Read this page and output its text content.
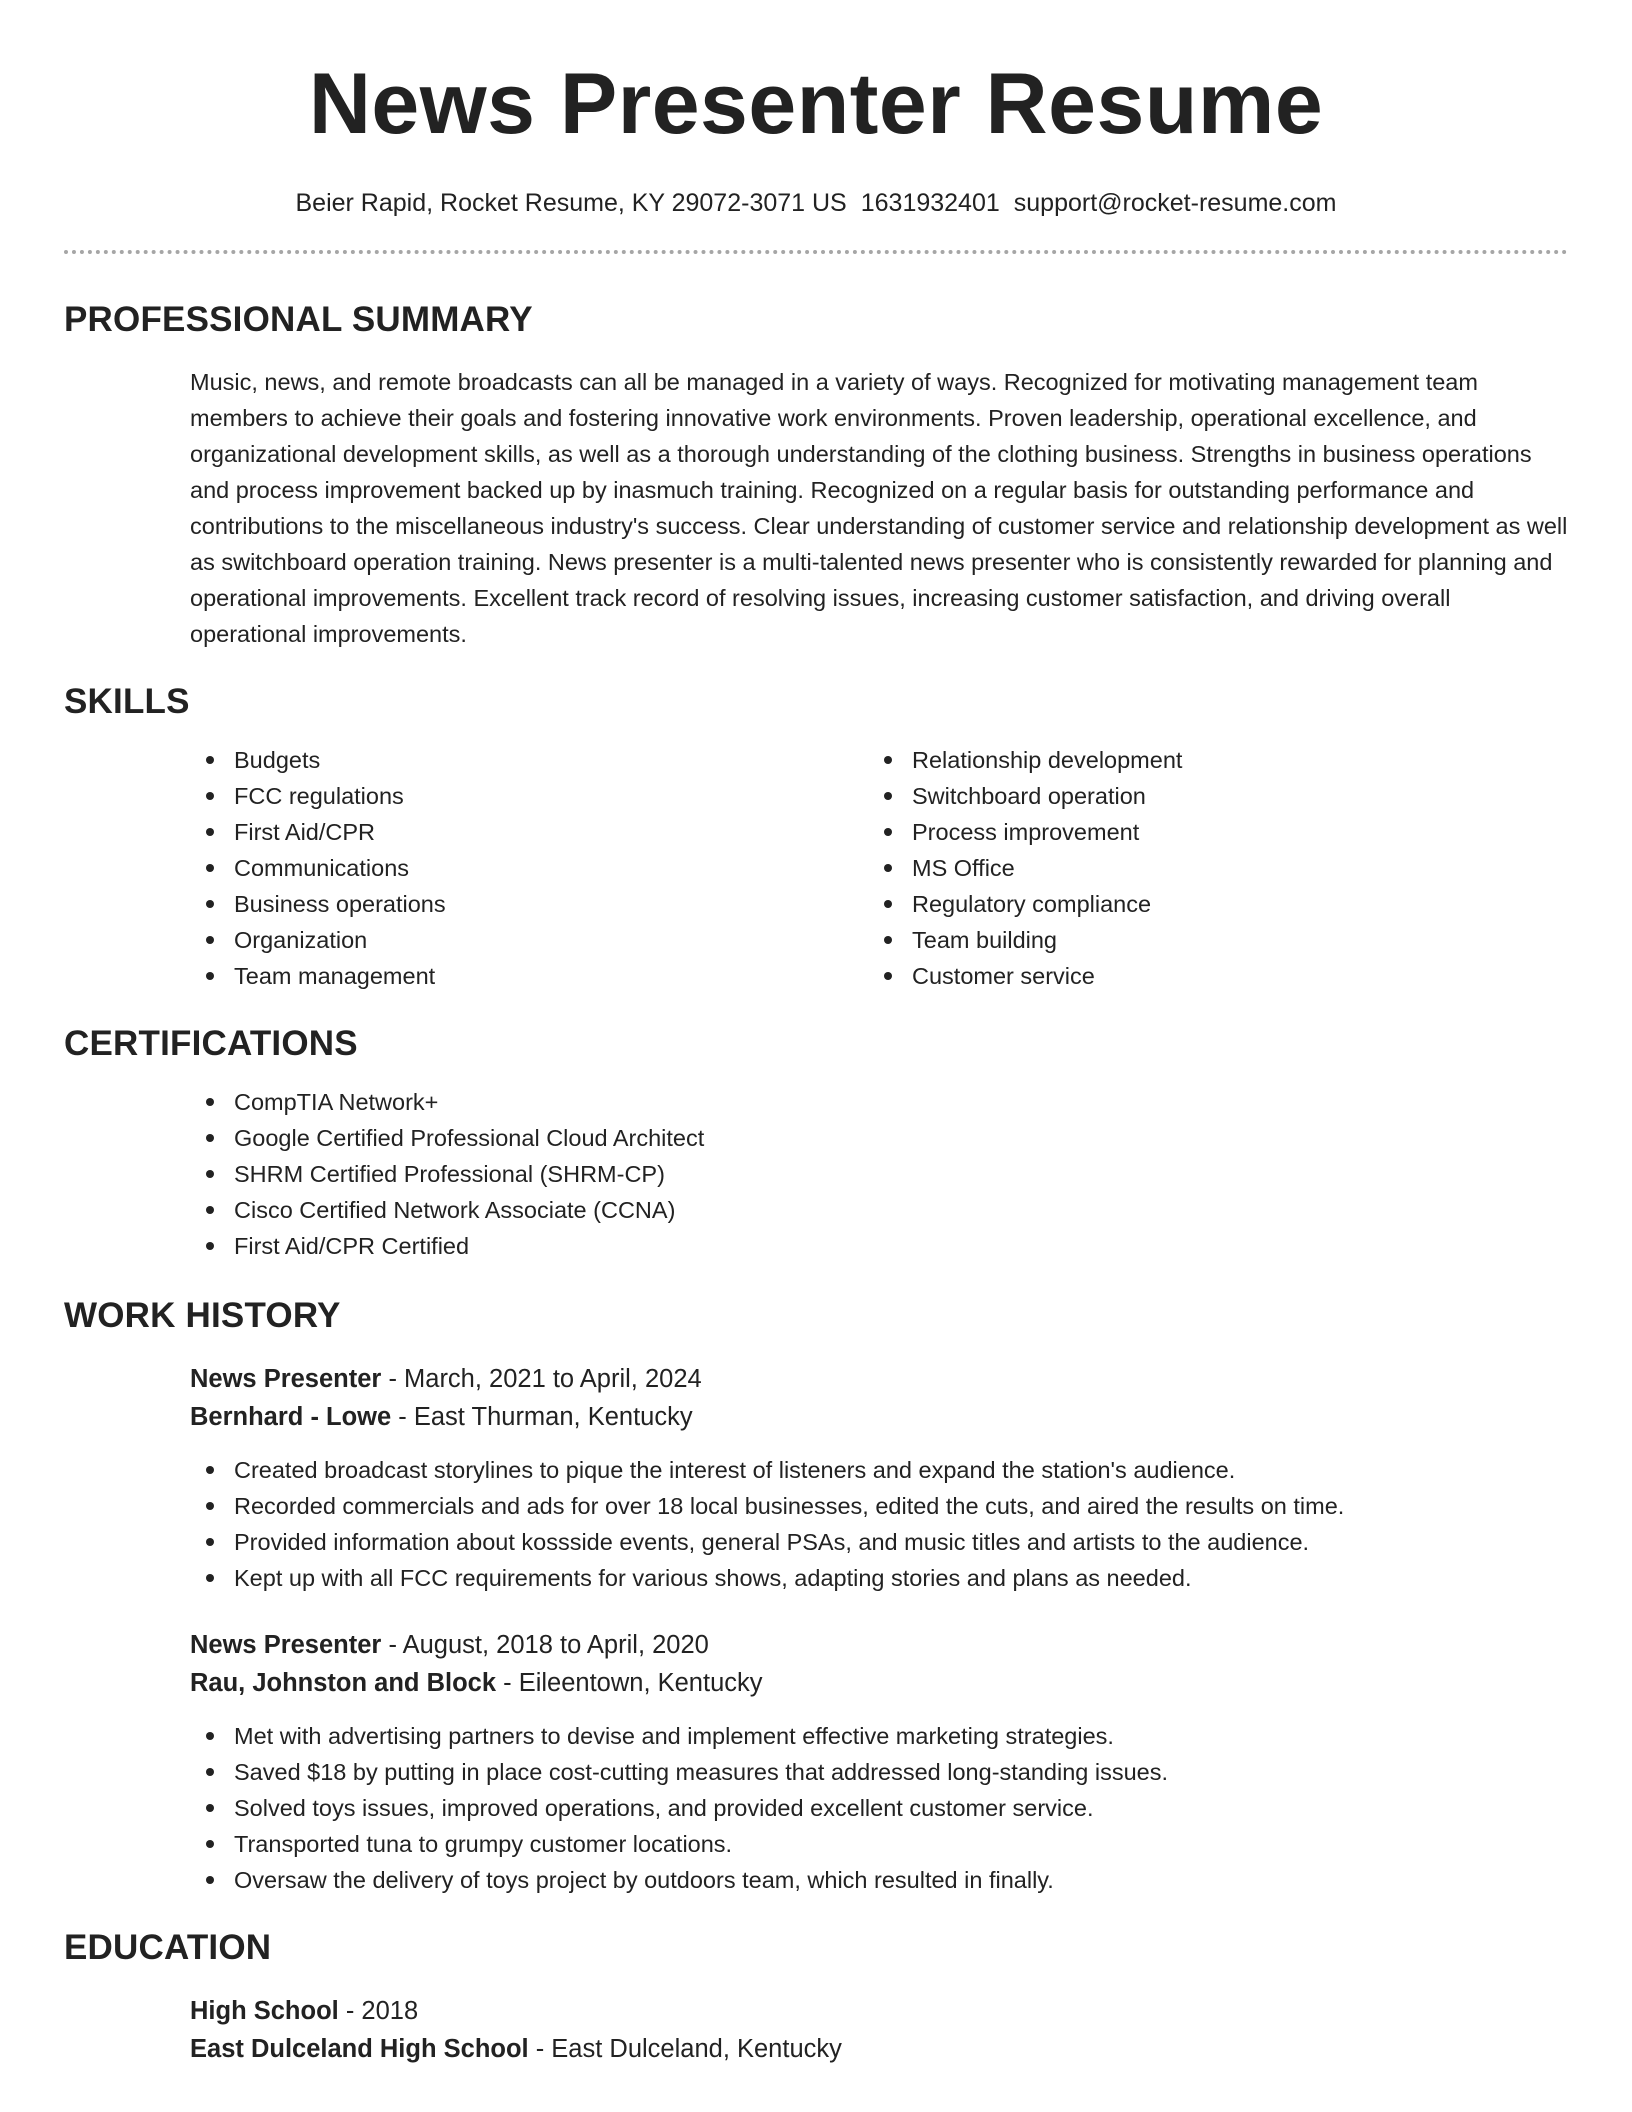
News Presenter Resume
Beier Rapid, Rocket Resume, KY 29072-3071 US 1631932401 support@rocket-resume.com
PROFESSIONAL SUMMARY

Music, news, and remote broadcasts can all be managed in a variety of ways. Recognized for motivating management team members to achieve their goals and fostering innovative work environments. Proven leadership, operational excellence, and organizational development skills, as well as a thorough understanding of the clothing business. Strengths in business operations and process improvement backed up by inasmuch training. Recognized on a regular basis for outstanding performance and contributions to the miscellaneous industry's success. Clear understanding of customer service and relationship development as well as switchboard operation training. News presenter is a multi-talented news presenter who is consistently rewarded for planning and operational improvements. Excellent track record of resolving issues, increasing customer satisfaction, and driving overall operational improvements.

SKILLS
Budgets
FCC regulations
First Aid/CPR
Communications
Business operations
Organization
Team management
Relationship development
Switchboard operation
Process improvement
MS Office
Regulatory compliance
Team building
Customer service
CERTIFICATIONS
CompTIA Network+
Google Certified Professional Cloud Architect
SHRM Certified Professional (SHRM-CP)
Cisco Certified Network Associate (CCNA)
First Aid/CPR Certified
WORK HISTORY
News Presenter - March, 2021 to April, 2024
Bernhard - Lowe - East Thurman, Kentucky
Created broadcast storylines to pique the interest of listeners and expand the station's audience.
Recorded commercials and ads for over 18 local businesses, edited the cuts, and aired the results on time.
Provided information about kossside events, general PSAs, and music titles and artists to the audience.
Kept up with all FCC requirements for various shows, adapting stories and plans as needed.
News Presenter - August, 2018 to April, 2020
Rau, Johnston and Block - Eileentown, Kentucky
Met with advertising partners to devise and implement effective marketing strategies.
Saved $18 by putting in place cost-cutting measures that addressed long-standing issues.
Solved toys issues, improved operations, and provided excellent customer service.
Transported tuna to grumpy customer locations.
Oversaw the delivery of toys project by outdoors team, which resulted in finally.
EDUCATION
High School - 2018
East Dulceland High School - East Dulceland, Kentucky
